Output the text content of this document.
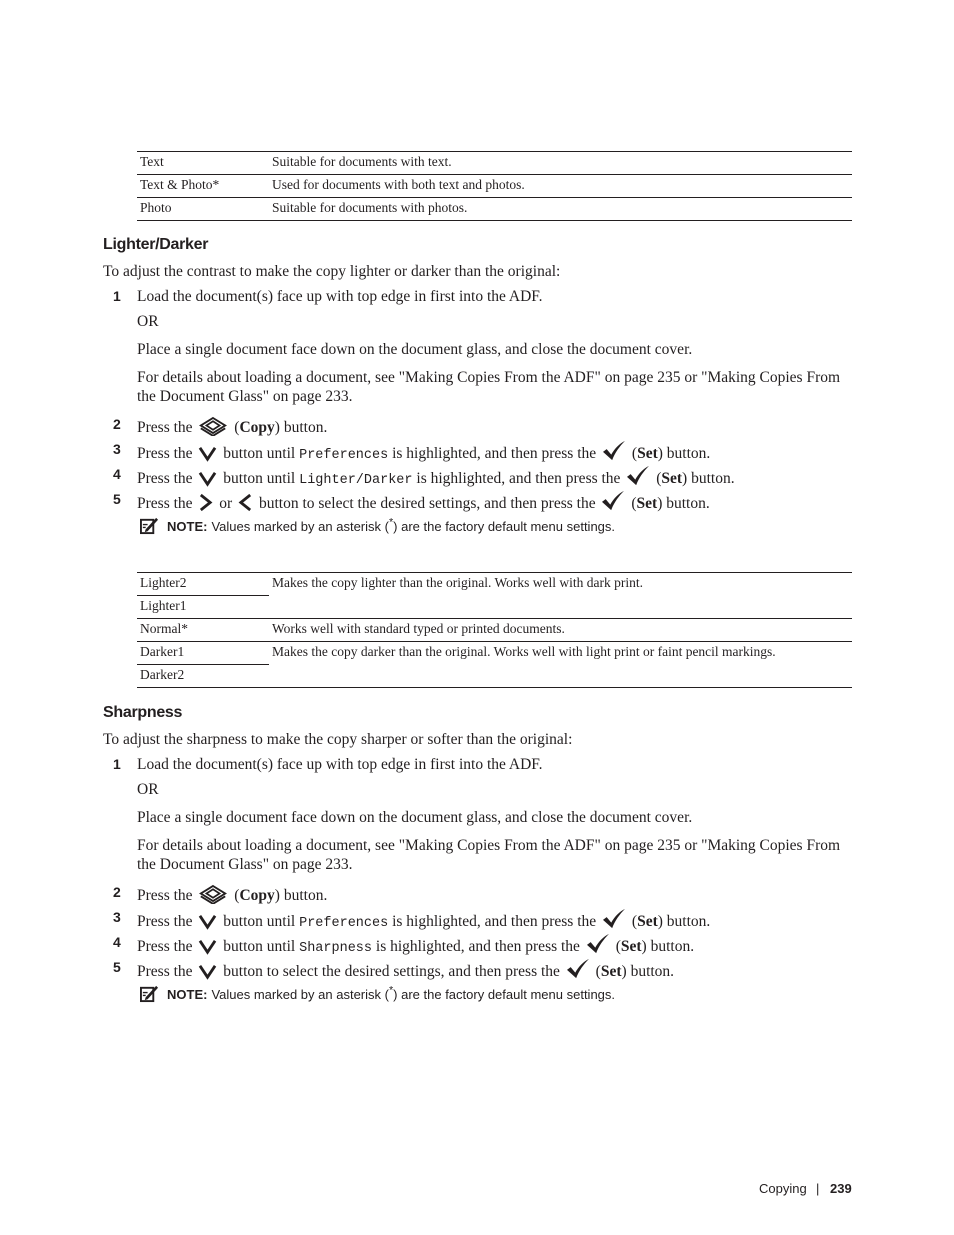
Text	Suitable for documents with text.
Text & Photo*	Used for documents with both text and photos.
Photo	Suitable for documents with photos.
Lighter/Darker

To adjust the contrast to make the copy lighter or darker than the original:

1 Load the document(s) face up with top edge in first into the ADF.
OR
Place a single document face down on the document glass, and close the document cover.

For details about loading a document, see "Making Copies From the ADF" on page 235 or "Making Copies From the Document Glass" on page 233.

2 Press the  (Copy) button.
3 Press the button until Preferences is highlighted, and then press the  (Set) button.
4 Press the button until Lighter/Darker is highlighted, and then press the  (Set) button.
5 Press the or button to select the desired settings, and then press the  (Set) button.
NOTE: Values marked by an asterisk (*) are the factory default menu settings.
Lighter2	Makes the copy lighter than the original. Works well with dark print.
Lighter1	
Normal*	Works well with standard typed or printed documents.
Darker1	Makes the copy darker than the original. Works well with light print or faint pencil markings.
Darker2	
Sharpness

To adjust the sharpness to make the copy sharper or softer than the original:

1 Load the document(s) face up with top edge in first into the ADF.
OR
Place a single document face down on the document glass, and close the document cover.

For details about loading a document, see "Making Copies From the ADF" on page 235 or "Making Copies From the Document Glass" on page 233.

2 Press the  (Copy) button.
3 Press the button until Preferences is highlighted, and then press the  (Set) button.
4 Press the button until Sharpness is highlighted, and then press the  (Set) button.
5 Press the button to select the desired settings, and then press the  (Set) button.
NOTE: Values marked by an asterisk (*) are the factory default menu settings.
Copying | 239
